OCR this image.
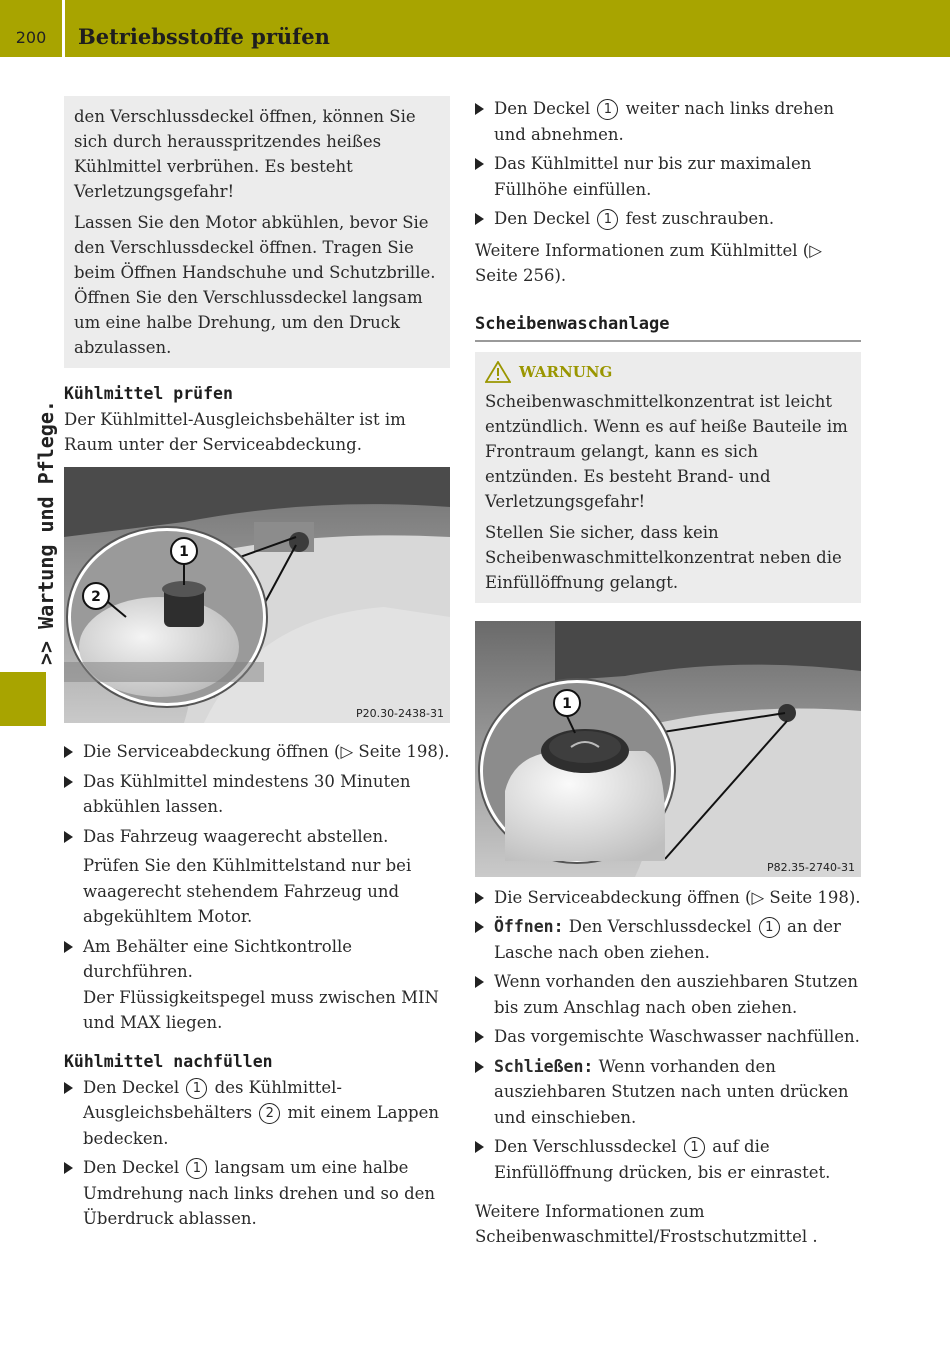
200	Betriebsstoffe prüfen
>> Wartung und Pflege.

den Verschlussdeckel öffnen, können Sie sich durch herausspritzendes heißes Kühlmittel verbrühen. Es besteht Verletzungsgefahr!

Lassen Sie den Motor abkühlen, bevor Sie den Verschlussdeckel öffnen. Tragen Sie beim Öffnen Handschuhe und Schutzbrille. Öffnen Sie den Verschlussdeckel langsam um eine halbe Drehung, um den Druck abzulassen.

Kühlmittel prüfen

Der Kühlmittel-Ausgleichsbehälter ist im Raum unter der Serviceabdeckung.

1
2
P20.30-2438-31
Die Serviceabdeckung öffnen (▷ Seite 198).
Das Kühlmittel mindestens 30 Minuten abkühlen lassen.
Das Fahrzeug waagerecht abstellen.
Prüfen Sie den Kühlmittelstand nur bei waagerecht stehendem Fahrzeug und abgekühltem Motor.
Am Behälter eine Sichtkontrolle durchführen.
Der Flüssigkeitspegel muss zwischen MIN und MAX liegen.
Kühlmittel nachfüllen
Den Deckel 1 des Kühlmittel-Ausgleichsbehälters 2 mit einem Lappen bedecken.
Den Deckel 1 langsam um eine halbe Umdrehung nach links drehen und so den Überdruck ablassen.
Den Deckel 1 weiter nach links drehen und abnehmen.
Das Kühlmittel nur bis zur maximalen Füllhöhe einfüllen.
Den Deckel 1 fest zuschrauben.

Weitere Informationen zum Kühlmittel (▷ Seite 256).

Scheibenwaschanlage
WARNUNG

Scheibenwaschmittelkonzentrat ist leicht entzündlich. Wenn es auf heiße Bauteile im Frontraum gelangt, kann es sich entzünden. Es besteht Brand- und Verletzungsgefahr!

Stellen Sie sicher, dass kein Scheibenwaschmittelkonzentrat neben die Einfüllöffnung gelangt.

1
P82.35-2740-31
Die Serviceabdeckung öffnen (▷ Seite 198).
Öffnen: Den Verschlussdeckel 1 an der Lasche nach oben ziehen.
Wenn vorhanden den ausziehbaren Stutzen bis zum Anschlag nach oben ziehen.
Das vorgemischte Waschwasser nachfüllen.
Schließen: Wenn vorhanden den ausziehbaren Stutzen nach unten drücken und einschieben.
Den Verschlussdeckel 1 auf die Einfüllöffnung drücken, bis er einrastet.

Weitere Informationen zum Scheibenwaschmittel/Frostschutzmittel .
